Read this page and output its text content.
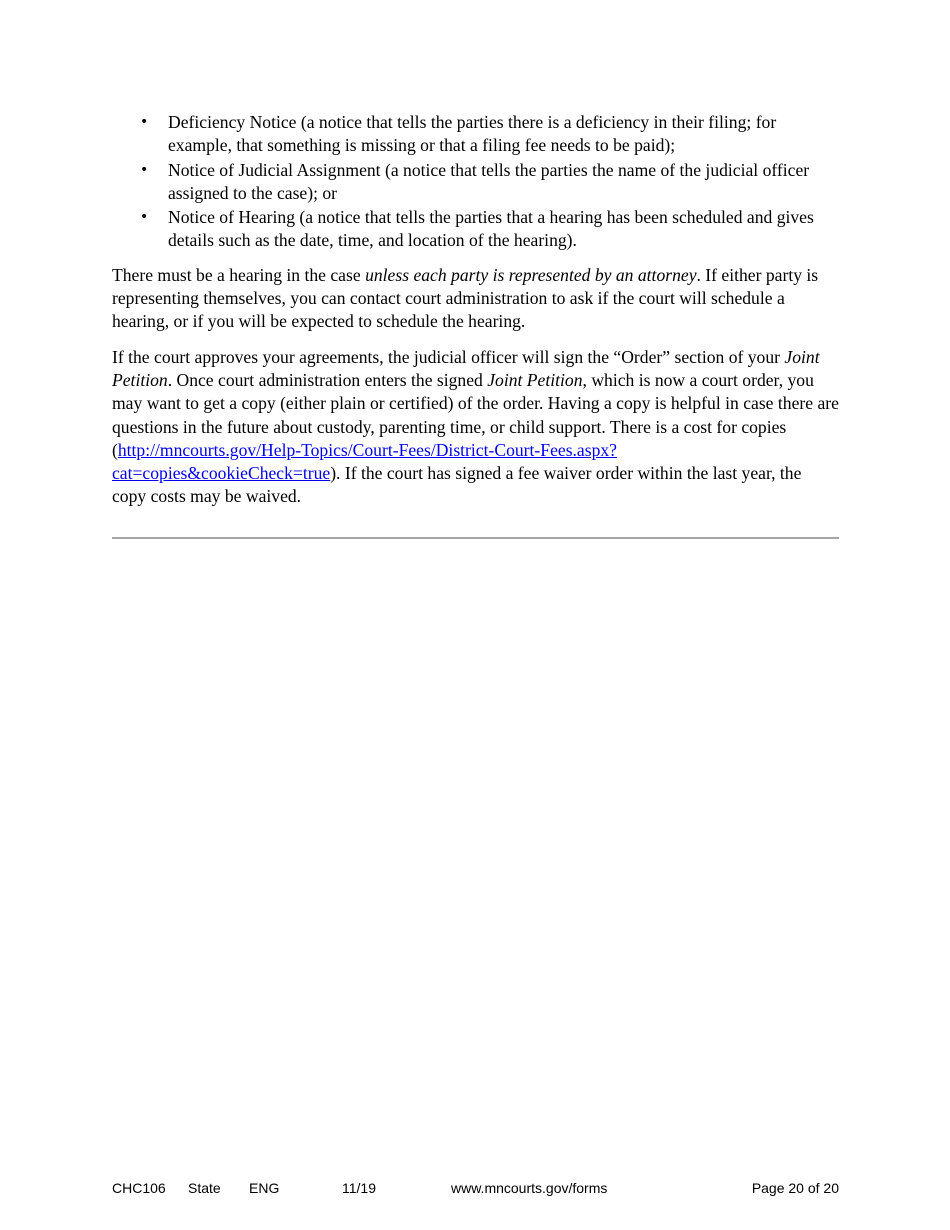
• Deficiency Notice (a notice that tells the parties there is a deficiency in their filing; for example, that something is missing or that a filing fee needs to be paid);
• Notice of Judicial Assignment (a notice that tells the parties the name of the judicial officer assigned to the case); or
• Notice of Hearing (a notice that tells the parties that a hearing has been scheduled and gives details such as the date, time, and location of the hearing).

There must be a hearing in the case unless each party is represented by an attorney. If either party is representing themselves, you can contact court administration to ask if the court will schedule a hearing, or if you will be expected to schedule the hearing.

If the court approves your agreements, the judicial officer will sign the “Order” section of your Joint Petition. Once court administration enters the signed Joint Petition, which is now a court order, you may want to get a copy (either plain or certified) of the order. Having a copy is helpful in case there are questions in the future about custody, parenting time, or child support. There is a cost for copies (http://mncourts.gov/Help-Topics/Court-Fees/District-Court-Fees.aspx?cat=copies&cookieCheck=true). If the court has signed a fee waiver order within the last year, the copy costs may be waived.

CHC106 State ENG	11/19	www.mncourts.gov/forms	Page 20 of 20
